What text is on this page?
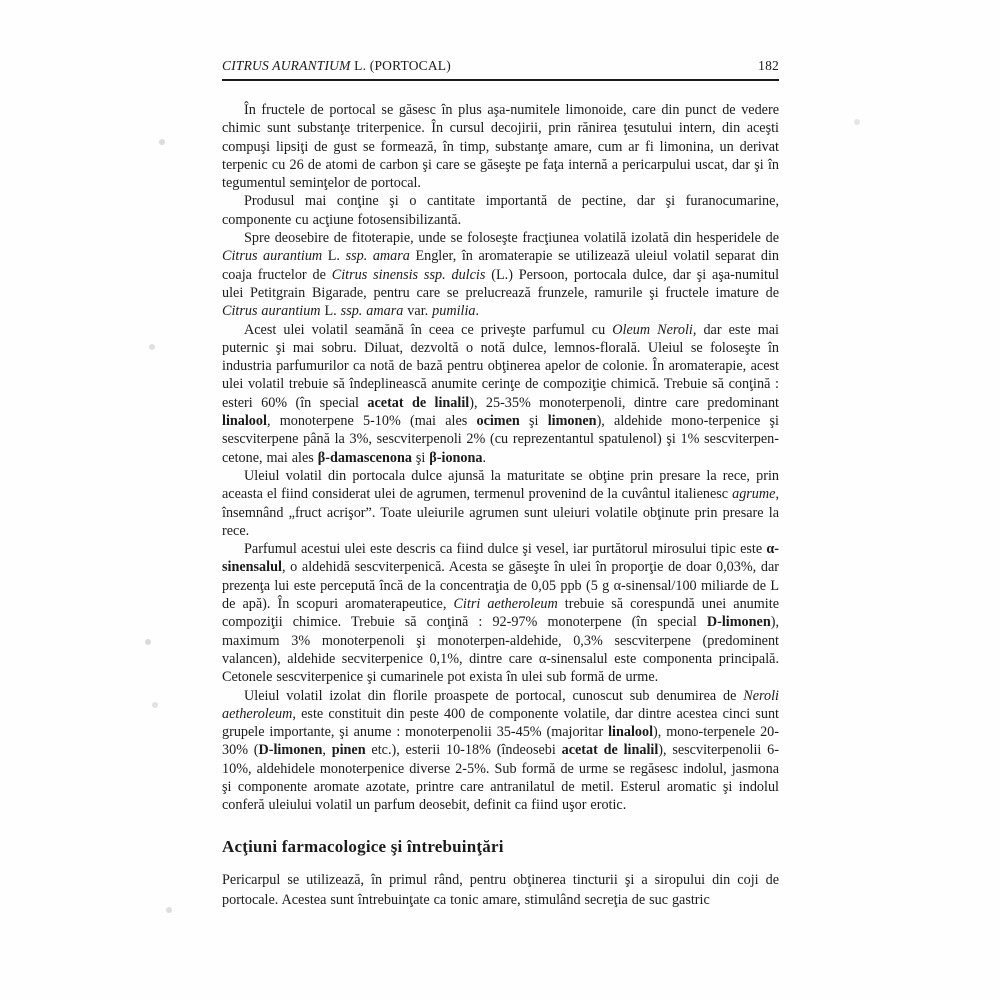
CITRUS AURANTIUM L. (PORTOCAL)	182

În fructele de portocal se găsesc în plus aşa-numitele limonoide, care din punct de vedere chimic sunt substanţe triterpenice. În cursul decojirii, prin rănirea ţesutului intern, din aceşti compuşi lipsiţi de gust se formează, în timp, substanţe amare, cum ar fi limonina, un derivat terpenic cu 26 de atomi de carbon şi care se găseşte pe faţa internă a pericarpului uscat, dar şi în tegumentul seminţelor de portocal.

Produsul mai conţine şi o cantitate importantă de pectine, dar şi furanocumarine, componente cu acţiune fotosensibilizantă.

Spre deosebire de fitoterapie, unde se foloseşte fracţiunea volatilă izolată din hesperidele de Citrus aurantium L. ssp. amara Engler, în aromaterapie se utilizează uleiul volatil separat din coaja fructelor de Citrus sinensis ssp. dulcis (L.) Persoon, portocala dulce, dar şi aşa-numitul ulei Petitgrain Bigarade, pentru care se prelucrează frunzele, ramurile şi fructele imature de Citrus aurantium L. ssp. amara var. pumilia.

Acest ulei volatil seamănă în ceea ce priveşte parfumul cu Oleum Neroli, dar este mai puternic şi mai sobru. Diluat, dezvoltă o notă dulce, lemnos-florală. Uleiul se foloseşte în industria parfumurilor ca notă de bază pentru obţinerea apelor de colonie. În aromaterapie, acest ulei volatil trebuie să îndeplinească anumite cerinţe de compoziţie chimică. Trebuie să conţină : esteri 60% (în special acetat de linalil), 25-35% monoterpenoli, dintre care predominant linalool, monoterpene 5-10% (mai ales ocimen şi limonen), aldehide mono-terpenice şi sescviterpene până la 3%, sescviterpenoli 2% (cu reprezentantul spatulenol) şi 1% sescviterpen-cetone, mai ales β-damascenona şi β-ionona.

Uleiul volatil din portocala dulce ajunsă la maturitate se obţine prin presare la rece, prin aceasta el fiind considerat ulei de agrumen, termenul provenind de la cuvântul italienesc agrume, însemnând „fruct acrişor”. Toate uleiurile agrumen sunt uleiuri volatile obţinute prin presare la rece.

Parfumul acestui ulei este descris ca fiind dulce şi vesel, iar purtătorul mirosului tipic este α-sinensalul, o aldehidă sescviterpenică. Acesta se găseşte în ulei în proporţie de doar 0,03%, dar prezenţa lui este percepută încă de la concentraţia de 0,05 ppb (5 g α-sinensal/100 miliarde de L de apă). În scopuri aromaterapeutice, Citri aetheroleum trebuie să corespundă unei anumite compoziţii chimice. Trebuie să conţină : 92-97% monoterpene (în special D-limonen), maximum 3% monoterpenoli şi monoterpen-aldehide, 0,3% sescviterpene (predominent valancen), aldehide secviterpenice 0,1%, dintre care α-sinensalul este componenta principală. Cetonele sescviterpenice şi cumarinele pot exista în ulei sub formă de urme.

Uleiul volatil izolat din florile proaspete de portocal, cunoscut sub denumirea de Neroli aetheroleum, este constituit din peste 400 de componente volatile, dar dintre acestea cinci sunt grupele importante, şi anume : monoterpenolii 35-45% (majoritar linalool), mono-terpenele 20-30% (D-limonen, pinen etc.), esterii 10-18% (îndeosebi acetat de linalil), sescviterpenolii 6-10%, aldehidele monoterpenice diverse 2-5%. Sub formă de urme se regăsesc indolul, jasmona şi componente aromate azotate, printre care antranilatul de metil. Esterul aromatic şi indolul conferă uleiului volatil un parfum deosebit, definit ca fiind uşor erotic.

Acţiuni farmacologice şi întrebuinţări

Pericarpul se utilizează, în primul rând, pentru obţinerea tincturii şi a siropului din coji de portocale. Acestea sunt întrebuinţate ca tonic amare, stimulând secreţia de suc gastric
